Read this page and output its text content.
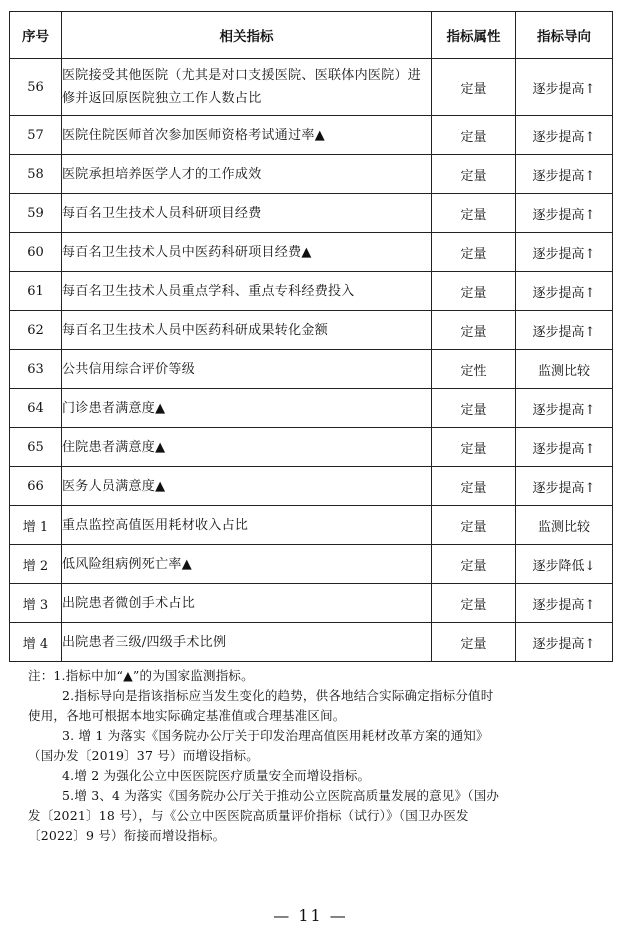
序号	相关指标	指标属性	指标导向
56	医院接受其他医院（尤其是对口支援医院、医联体内医院）进修并返回原医院独立工作人数占比	定量	逐步提高↑
57	医院住院医师首次参加医师资格考试通过率▲	定量	逐步提高↑
58	医院承担培养医学人才的工作成效	定量	逐步提高↑
59	每百名卫生技术人员科研项目经费	定量	逐步提高↑
60	每百名卫生技术人员中医药科研项目经费▲	定量	逐步提高↑
61	每百名卫生技术人员重点学科、重点专科经费投入	定量	逐步提高↑
62	每百名卫生技术人员中医药科研成果转化金额	定量	逐步提高↑
63	公共信用综合评价等级	定性	监测比较
64	门诊患者满意度▲	定量	逐步提高↑
65	住院患者满意度▲	定量	逐步提高↑
66	医务人员满意度▲	定量	逐步提高↑
增 1	重点监控高值医用耗材收入占比	定量	监测比较
增 2	低风险组病例死亡率▲	定量	逐步降低↓
增 3	出院患者微创手术占比	定量	逐步提高↑
增 4	出院患者三级/四级手术比例	定量	逐步提高↑

注：1.指标中加“▲”的为国家监测指标。

2.指标导向是指该指标应当发生变化的趋势，供各地结合实际确定指标分值时

使用，各地可根据本地实际确定基准值或合理基准区间。

3. 增 1 为落实《国务院办公厅关于印发治理高值医用耗材改革方案的通知》

（国办发〔2019〕37 号）而增设指标。

4.增 2 为强化公立中医医院医疗质量安全而增设指标。

5.增 3、4 为落实《国务院办公厅关于推动公立医院高质量发展的意见》（国办

发〔2021〕18 号），与《公立中医医院高质量评价指标（试行）》（国卫办医发

〔2022〕9 号）衔接而增设指标。

— 11 —
